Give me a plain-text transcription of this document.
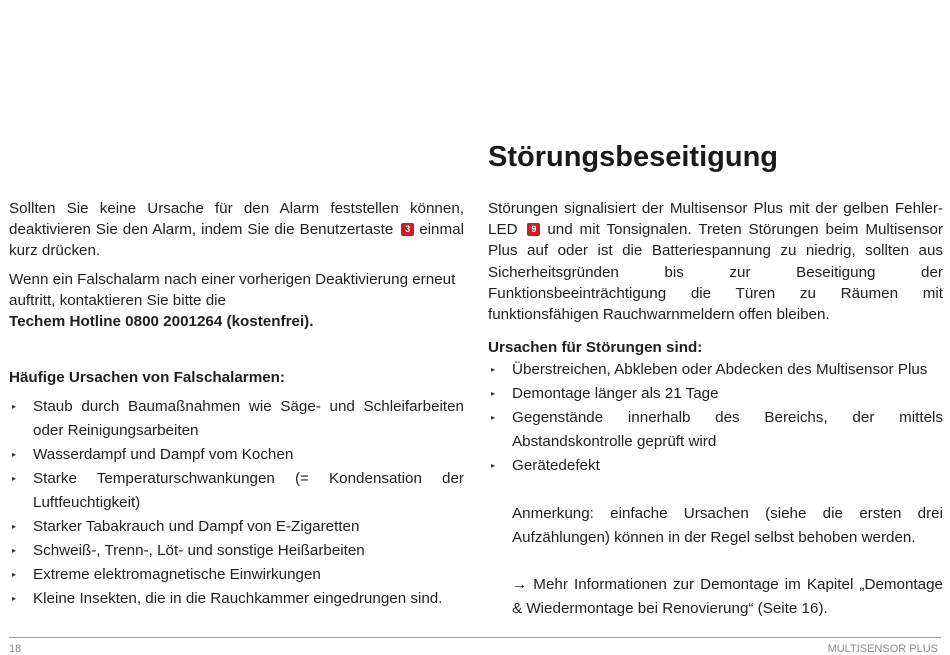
Sollten Sie keine Ursache für den Alarm feststellen können, deaktivieren Sie den Alarm, indem Sie die Benutzertaste 3 einmal kurz drücken.

Wenn ein Falschalarm nach einer vorherigen Deaktivierung erneut auftritt, kontaktieren Sie bitte die
Techem Hotline 0800 2001264 (kostenfrei).

Häufige Ursachen von Falschalarmen:

▸ Staub durch Baumaßnahmen wie Säge- und Schleifarbeiten oder Reinigungsarbeiten
▸ Wasserdampf und Dampf vom Kochen
▸ Starke Temperaturschwankungen (= Kondensation der Luftfeuchtigkeit)
▸ Starker Tabakrauch und Dampf von E-Zigaretten
▸ Schweiß-, Trenn-, Löt- und sonstige Heißarbeiten
▸ Extreme elektromagnetische Einwirkungen
▸ Kleine Insekten, die in die Rauchkammer eingedrungen sind.
Störungsbeseitigung

Störungen signalisiert der Multisensor Plus mit der gelben Fehler-LED 9 und mit Tonsignalen. Treten Störungen beim Multisensor Plus auf oder ist die Batteriespannung zu niedrig, sollten aus Sicherheitsgründen bis zur Beseitigung der Funktionsbeeinträchtigung die Türen zu Räumen mit funktionsfähigen Rauchwarnmeldern offen bleiben.

Ursachen für Störungen sind:

▸ Überstreichen, Abkleben oder Abdecken des Multisensor Plus
▸ Demontage länger als 21 Tage
▸ Gegenstände innerhalb des Bereichs, der mittels Abstandskontrolle geprüft wird
▸ Gerätedefekt
Anmerkung: einfache Ursachen (siehe die ersten drei Aufzählungen) können in der Regel selbst behoben werden.
→ Mehr Informationen zur Demontage im Kapitel „Demontage & Wiedermontage bei Renovierung“ (Seite 16).
18	MULTISENSOR PLUS
